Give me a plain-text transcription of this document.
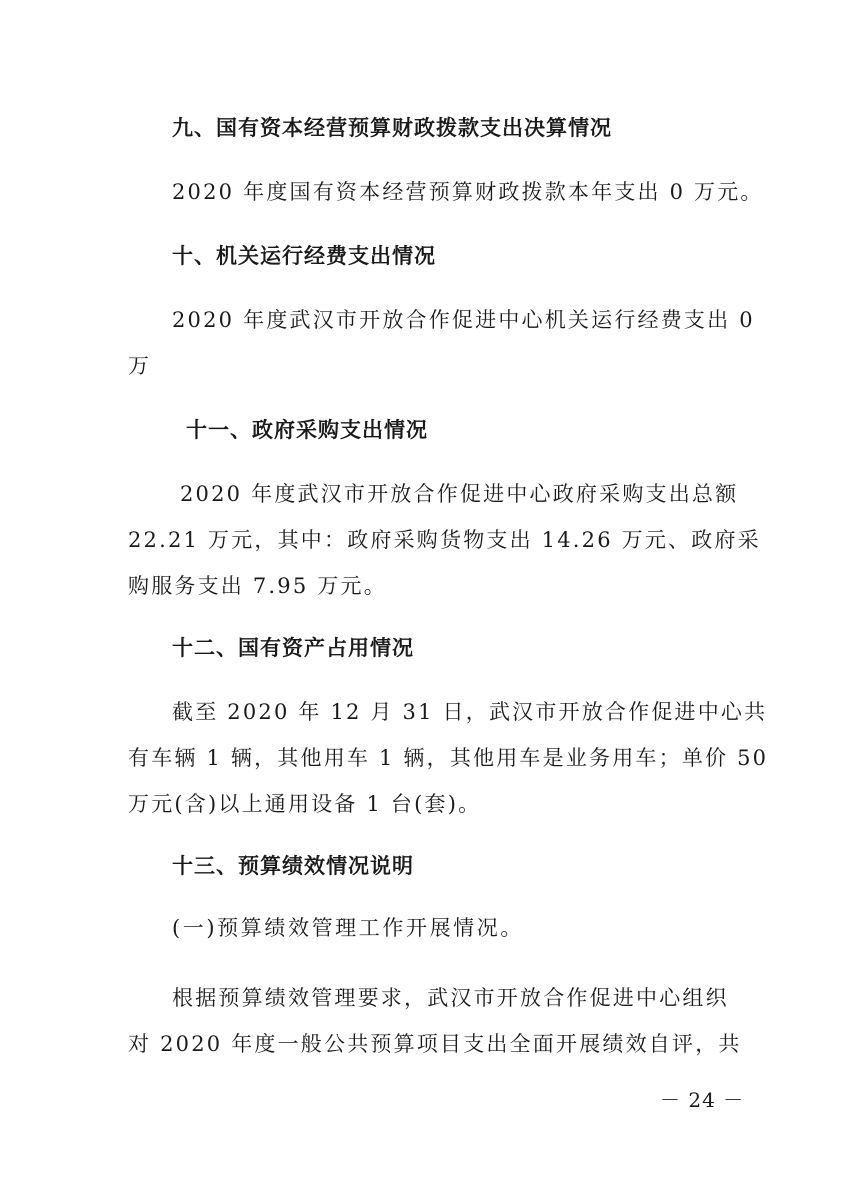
九、国有资本经营预算财政拨款支出决算情况
2020 年度国有资本经营预算财政拨款本年支出 0 万元。
十、机关运行经费支出情况
2020 年度武汉市开放合作促进中心机关运行经费支出 0
万
十一、政府采购支出情况
2020 年度武汉市开放合作促进中心政府采购支出总额
22.21 万元，其中：政府采购货物支出 14.26 万元、政府采
购服务支出 7.95 万元。
十二、国有资产占用情况
截至 2020 年 12 月 31 日，武汉市开放合作促进中心共
有车辆 1 辆，其他用车 1 辆，其他用车是业务用车；单价 50
万元(含)以上通用设备 1 台(套)。
十三、预算绩效情况说明
(一)预算绩效管理工作开展情况。
根据预算绩效管理要求，武汉市开放合作促进中心组织
对 2020 年度一般公共预算项目支出全面开展绩效自评，共
－ 24 －
